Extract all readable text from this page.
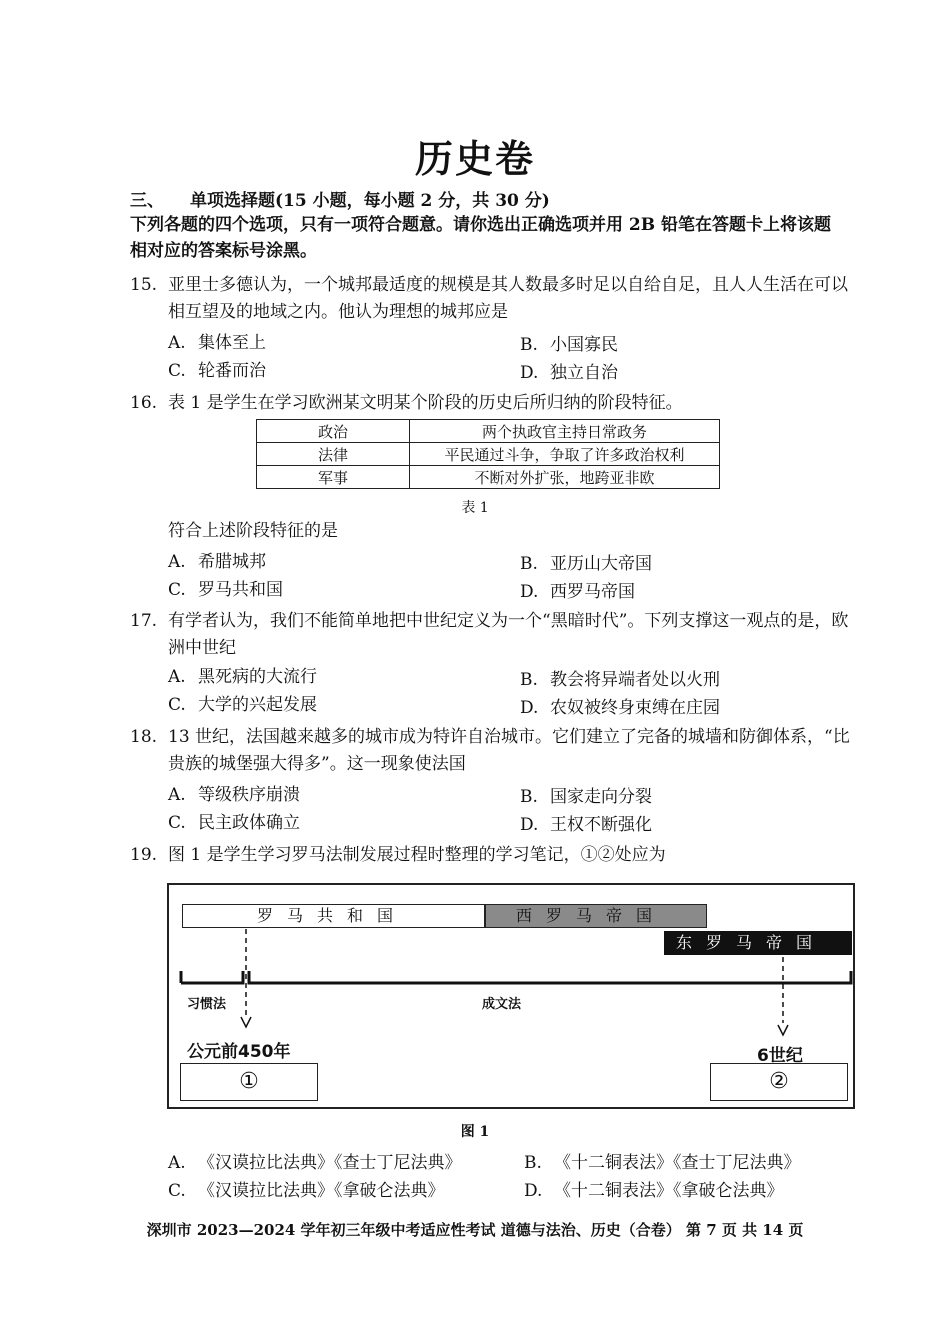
历史卷
三、 单项选择题(15 小题，每小题 2 分，共 30 分)
下列各题的四个选项，只有一项符合题意。请你选出正确选项并用 2B 铅笔在答题卡上将该题相对应的答案标号涂黑。
15. 亚里士多德认为，一个城邦最适度的规模是其人数最多时足以自给自足，且人人生活在可以相互望及的地域之内。他认为理想的城邦应是
A. 集体至上	B. 小国寡民
C. 轮番而治	D. 独立自治
16. 表 1 是学生在学习欧洲某文明某个阶段的历史后所归纳的阶段特征。
政治	两个执政官主持日常政务
法律	平民通过斗争，争取了许多政治权利
军事	不断对外扩张，地跨亚非欧
表 1
符合上述阶段特征的是
A. 希腊城邦	B. 亚历山大帝国
C. 罗马共和国	D. 西罗马帝国
17. 有学者认为，我们不能简单地把中世纪定义为一个“黑暗时代”。下列支撑这一观点的是，欧洲中世纪
A. 黑死病的大流行	B. 教会将异端者处以火刑
C. 大学的兴起发展	D. 农奴被终身束缚在庄园
18. 13 世纪，法国越来越多的城市成为特许自治城市。它们建立了完备的城墙和防御体系，“比贵族的城堡强大得多”。这一现象使法国
A. 等级秩序崩溃	B. 国家走向分裂
C. 民主政体确立	D. 王权不断强化
19. 图 1 是学生学习罗马法制发展过程时整理的学习笔记，①②处应为
罗马共和国	西罗马帝国
东罗马帝国
习惯法	成文法
公元前450年	6世纪
①	②
图 1
A. 《汉谟拉比法典》《查士丁尼法典》	B. 《十二铜表法》《查士丁尼法典》
C. 《汉谟拉比法典》《拿破仑法典》	D. 《十二铜表法》《拿破仑法典》
深圳市 2023—2024 学年初三年级中考适应性考试 道德与法治、历史（合卷） 第 7 页 共 14 页
